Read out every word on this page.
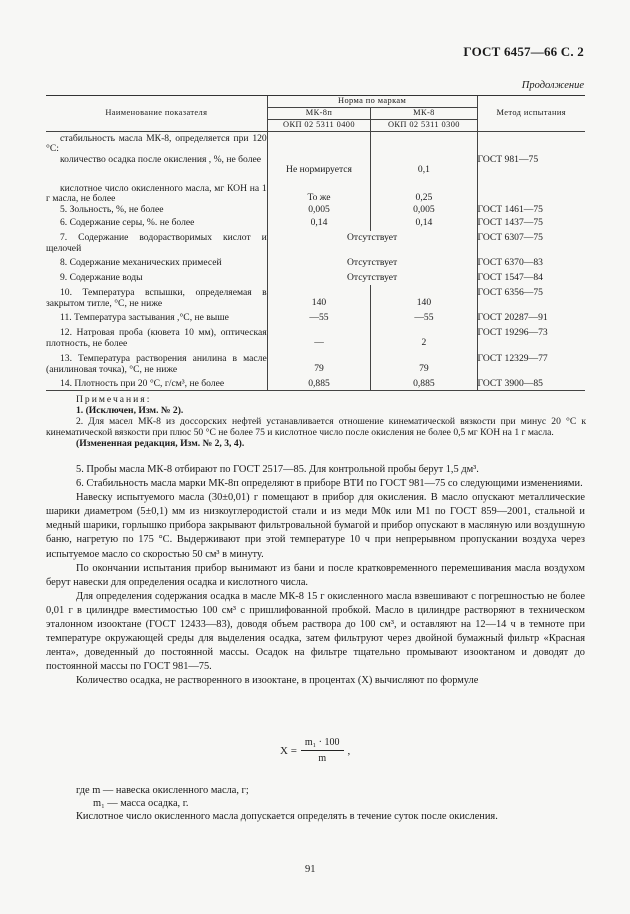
ГОСТ 6457—66 С. 2
Продолжение
Наименование показателя	Норма по маркам		Метод испытания
	МК-8п	МК-8	
	ОКП 02 5311 0400	ОКП 02 5311 0300	
стабильность масла МК-8, определяется при 120 °С:			
количество осадка после окисления , %, не более	Не нормируется	0,1	ГОСТ 981—75
кислотное число окисленного масла, мг КОН на 1 г масла, не более	То же	0,25	
5. Зольность, %, не более	0,005	0,005	ГОСТ 1461—75
6. Содержание серы, %. не более	0,14	0,14	ГОСТ 1437—75
7. Содержание водорастворимых кислот и щелочей	Отсутствует		ГОСТ 6307—75
8. Содержание механических примесей	Отсутствует		ГОСТ 6370—83
9. Содержание воды	Отсутствует		ГОСТ 1547—84
10. Температура вспышки, определяемая в закрытом титле, °С, не ниже	140	140	ГОСТ 6356—75
11. Температура застывания ,°С, не выше	—55	—55	ГОСТ 20287—91
12. Натровая проба (кювета 10 мм), оптическая плотность, не более	—	2	ГОСТ 19296—73
13. Температура растворения анилина в масле (анилиновая точка), °С, не ниже	79	79	ГОСТ 12329—77
14. Плотность при 20 °С, г/см³, не более	0,885	0,885	ГОСТ 3900—85

Примечания:

1. (Исключен, Изм. № 2).

2. Для масел МК-8 из доссорских нефтей устанавливается отношение кинематической вязкости при минус 20 °С к кинематической вязкости при плюс 50 °С не более 75 и кислотное число после окисления не более 0,5 мг КОН на 1 г масла.

(Измененная редакция, Изм. № 2, 3, 4).

5. Пробы масла МК-8 отбирают по ГОСТ 2517—85. Для контрольной пробы берут 1,5 дм³.

6. Стабильность масла марки МК-8п определяют в приборе ВТИ по ГОСТ 981—75 со следующими изменениями.

Навеску испытуемого масла (30±0,01) г помещают в прибор для окисления. В масло опускают металлические шарики диаметром (5±0,1) мм из низкоуглеродистой стали и из меди М0к или М1 по ГОСТ 859—2001, стальной и медный шарики, горлышко прибора закрывают фильтровальной бумагой и прибор опускают в масляную или воздушную баню, нагретую по 175 °С. Выдерживают при этой температуре 10 ч при непрерывном пропускании воздуха через испытуемое масло со скоростью 50 см³ в минуту.

По окончании испытания прибор вынимают из бани и после кратковременного перемешивания масла воздухом берут навески для определения осадка и кислотного числа.

Для определения содержания осадка в масле МК-8 15 г окисленного масла взвешивают с погрешностью не более 0,01 г в цилиндре вместимостью 100 см³ с пришлифованной пробкой. Масло в цилиндре растворяют в техническом эталонном изооктане (ГОСТ 12433—83), доводя объем раствора до 100 см³, и оставляют на 12—14 ч в темноте при температуре окружающей среды для выделения осадка, затем фильтруют через двойной бумажный фильтр «Красная лента», доведенный до постоянной массы. Осадок на фильтре тщательно промывают изооктаном и доводят до постоянной массы по ГОСТ 981—75.

Количество осадка, не растворенного в изооктане, в процентах (X) вычисляют по формуле

$X = \frac{\text{m₁ · 100}}{m}$ ,

где m — навеска окисленного масла, г;

m₁ — масса осадка, г.

Кислотное число окисленного масла допускается определять в течение суток после окисления.

91
